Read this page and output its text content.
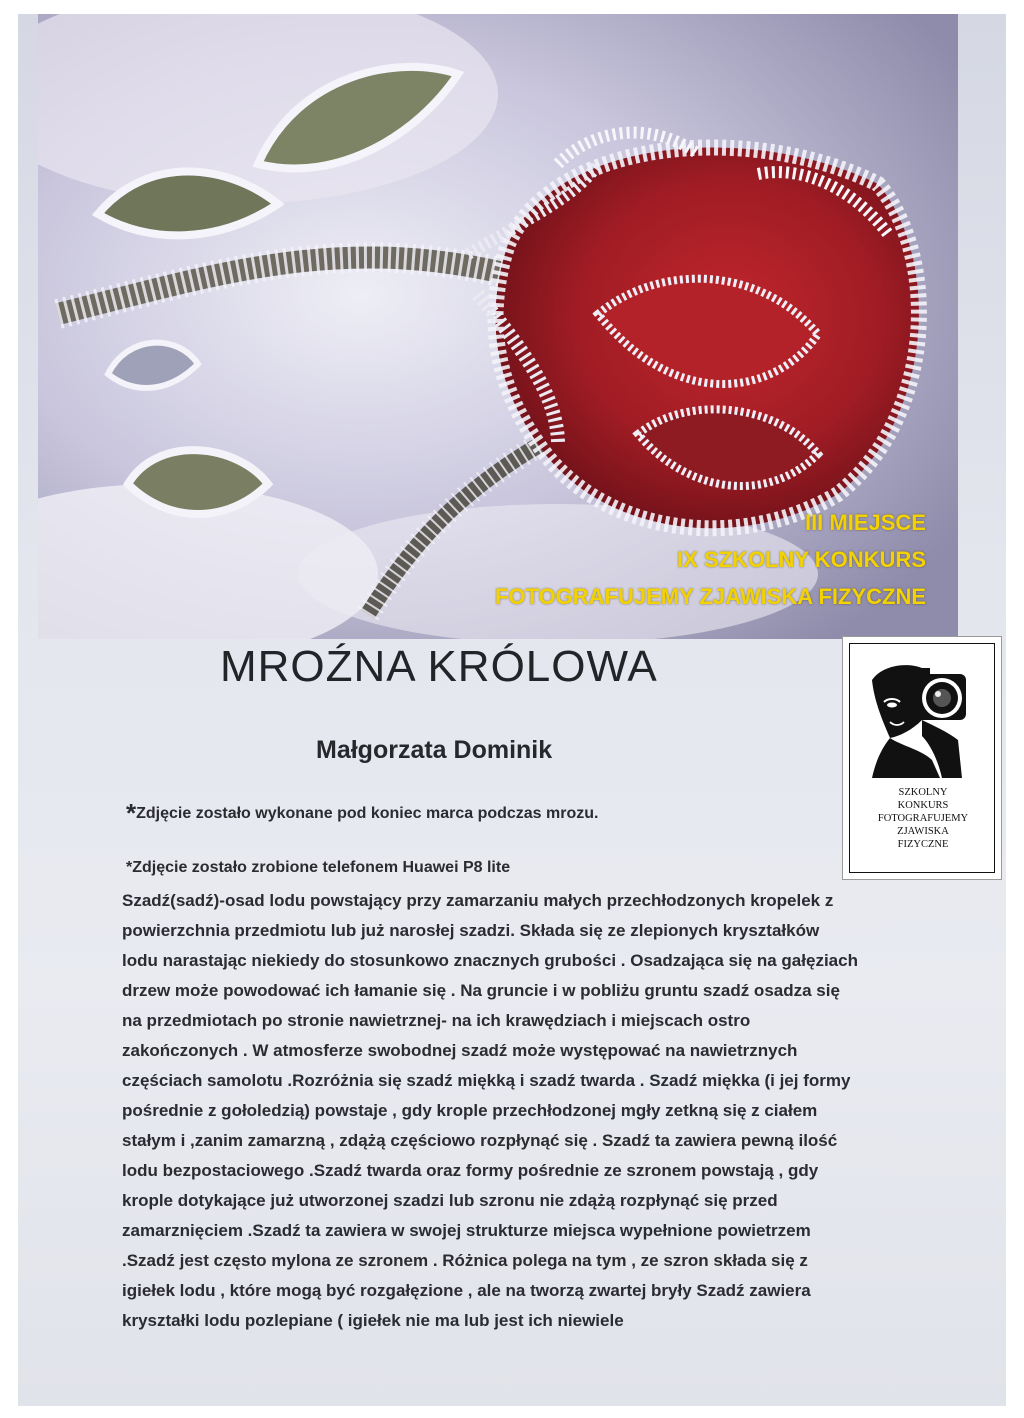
III MIEJSCE
IX SZKOLNY KONKURS
FOTOGRAFUJEMY ZJAWISKA FIZYCZNE
MROŹNA KRÓLOWA
Małgorzata Dominik
*Zdjęcie zostało wykonane pod koniec marca podczas mrozu.
*Zdjęcie zostało zrobione telefonem Huawei P8 lite
Szadź(sadź)-osad lodu powstający przy zamarzaniu małych przechłodzonych kropelek z
powierzchnia przedmiotu lub już narosłej szadzi. Składa się ze zlepionych kryształków
lodu narastając niekiedy do stosunkowo znacznych grubości . Osadzająca się na gałęziach
drzew może powodować ich łamanie się . Na gruncie i w pobliżu gruntu szadź osadza się
na przedmiotach po stronie nawietrznej- na ich krawędziach i miejscach ostro
zakończonych . W atmosferze swobodnej szadź może występować na nawietrznych
częściach samolotu .Rozróżnia się szadź miękką i szadź twarda . Szadź miękka (i jej formy
pośrednie z gołoledzią) powstaje , gdy krople przechłodzonej mgły zetkną się z ciałem
stałym i ,zanim zamarzną , zdążą częściowo rozpłynąć się . Szadź ta zawiera pewną ilość
lodu bezpostaciowego .Szadź twarda oraz formy pośrednie ze szronem powstają , gdy
krople dotykające już utworzonej szadzi lub szronu nie zdążą rozpłynąć się przed
zamarznięciem .Szadź ta zawiera w swojej strukturze miejsca wypełnione powietrzem
.Szadź jest często mylona ze szronem . Różnica polega na tym , ze szron składa się z
igiełek lodu , które mogą być rozgałęzione , ale na tworzą zwartej bryły Szadź zawiera
kryształki lodu pozlepiane ( igiełek nie ma lub jest ich niewiele
SZKOLNY
KONKURS
FOTOGRAFUJEMY
ZJAWISKA
FIZYCZNE
